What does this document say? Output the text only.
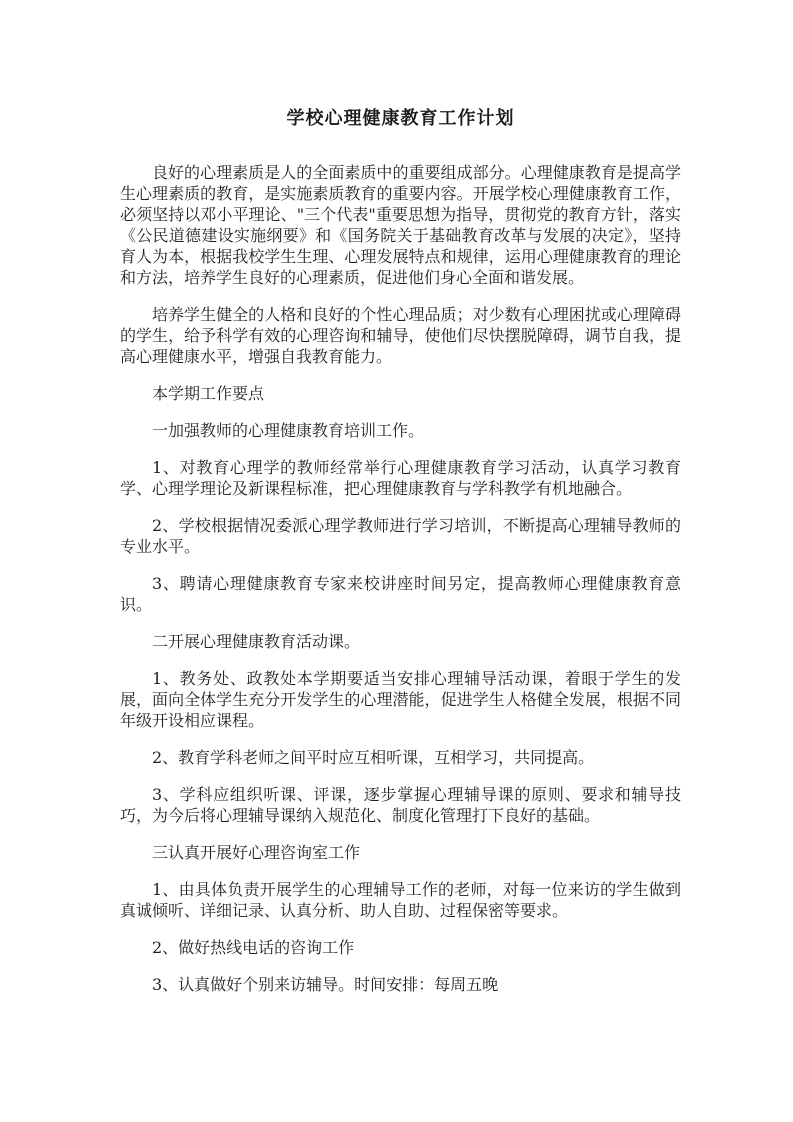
学校心理健康教育工作计划

良好的心理素质是人的全面素质中的重要组成部分。心理健康教育是提高学生心理素质的教育，是实施素质教育的重要内容。开展学校心理健康教育工作，必须坚持以邓小平理论、"三个代表"重要思想为指导，贯彻党的教育方针，落实《公民道德建设实施纲要》和《国务院关于基础教育改革与发展的决定》，坚持育人为本，根据我校学生生理、心理发展特点和规律，运用心理健康教育的理论和方法，培养学生良好的心理素质，促进他们身心全面和谐发展。

培养学生健全的人格和良好的个性心理品质；对少数有心理困扰或心理障碍的学生，给予科学有效的心理咨询和辅导，使他们尽快摆脱障碍，调节自我，提高心理健康水平，增强自我教育能力。

本学期工作要点

一加强教师的心理健康教育培训工作。

1、对教育心理学的教师经常举行心理健康教育学习活动，认真学习教育学、心理学理论及新课程标准，把心理健康教育与学科教学有机地融合。

2、学校根据情况委派心理学教师进行学习培训，不断提高心理辅导教师的专业水平。

3、聘请心理健康教育专家来校讲座时间另定，提高教师心理健康教育意识。

二开展心理健康教育活动课。

1、教务处、政教处本学期要适当安排心理辅导活动课，着眼于学生的发展，面向全体学生充分开发学生的心理潜能，促进学生人格健全发展，根据不同年级开设相应课程。

2、教育学科老师之间平时应互相听课，互相学习，共同提高。

3、学科应组织听课、评课，逐步掌握心理辅导课的原则、要求和辅导技巧，为今后将心理辅导课纳入规范化、制度化管理打下良好的基础。

三认真开展好心理咨询室工作

1、由具体负责开展学生的心理辅导工作的老师，对每一位来访的学生做到真诚倾听、详细记录、认真分析、助人自助、过程保密等要求。

2、做好热线电话的咨询工作

3、认真做好个别来访辅导。时间安排：每周五晚
